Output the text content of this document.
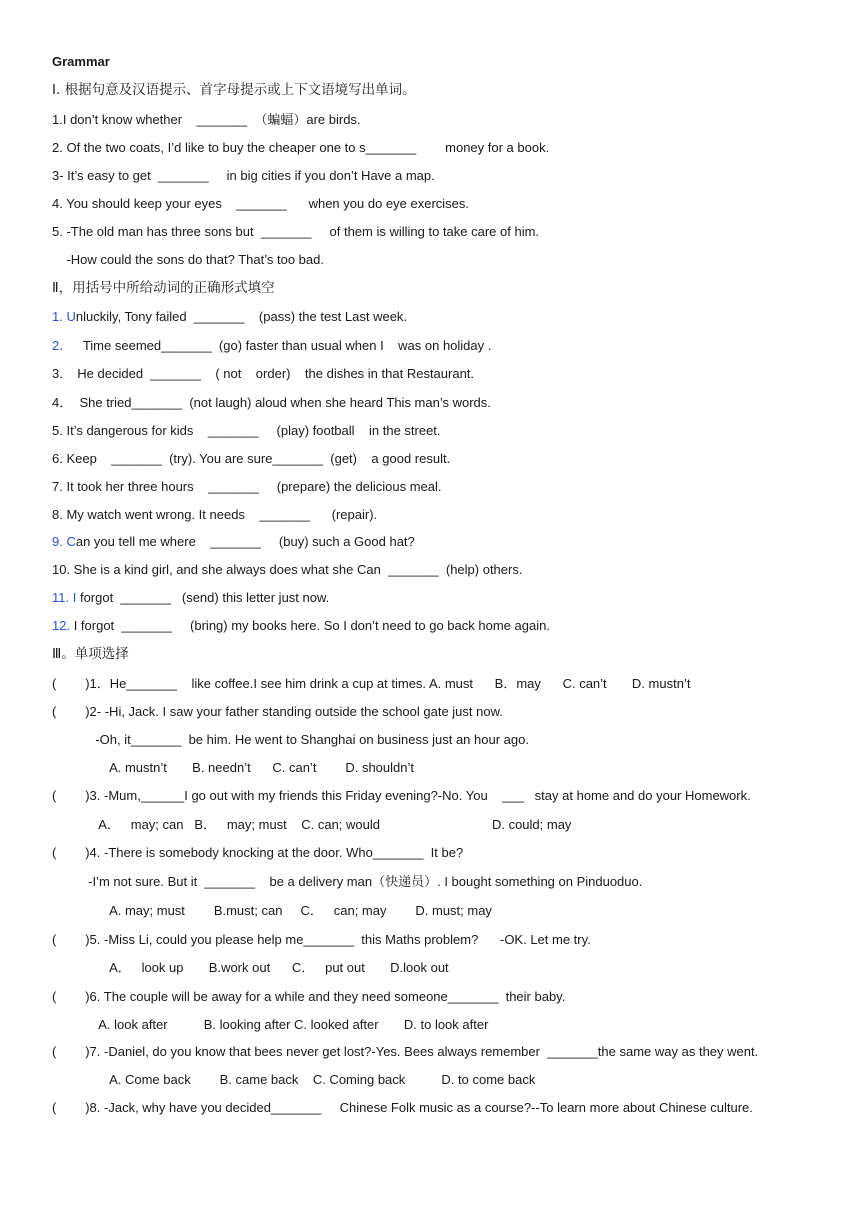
Grammar
I. 根据句意及汉语提示、首字母提示或上下文语境写出单词。
1.I don’t know whether    _______  （蝙蝠）are birds.
2. Of the two coats, I’d like to buy the cheaper one to s_______        money for a book.
3- It’s easy to get  _______     in big cities if you don’t Have a map.
4. You should keep your eyes    _______      when you do eye exercises.
5. -The old man has three sons but  _______     of them is willing to take care of him.
-How could the sons do that? That’s too bad.
Ⅱ，用括号中所给动词的正确形式填空
1. Unluckily, Tony failed  _______    (pass) the test Last week.
2．   Time seemed_______  (go) faster than usual when I    was on holiday .
3.    He decided  _______    ( not    order)    the dishes in that Restaurant.
4．  She tried_______  (not laugh) aloud when she heard This man’s words.
5. It’s dangerous for kids    _______     (play) football    in the street.
6. Keep    _______  (try). You are sure_______  (get)    a good result.
7. It took her three hours    _______     (prepare) the delicious meal.
8. My watch went wrong. It needs    _______      (repair).
9. Can you tell me where    _______     (buy) such a Good hat?
10. She is a kind girl, and she always does what she Can  _______  (help) others.
11. I forgot  _______   (send) this letter just now.
12. I forgot  _______     (bring) my books here. So I don’t need to go back home again.
Ⅲ。单项选择
(        )1．He_______    like coffee.I see him drink a cup at times. A. must      B．may      C. can’t       D. mustn’t
(        )2- -Hi, Jack. I saw your father standing outside the school gate just now.
-Oh, it_______  be him. He went to Shanghai on business just an hour ago.
A. mustn’t       B. needn’t      C. can’t        D. shouldn’t
(        )3. -Mum,______I go out with my friends this Friday evening?-No. You    ___   stay at home and do your Homework.
A．   may; can   B．   may; must    C. can; would                               D. could; may
(        )4. -There is somebody knocking at the door. Who_______  It be?
-I’m not sure. But it  _______    be a delivery man（快递员）. I bought something on Pinduoduo.
A. may; must        B.must; can     C．   can; may        D. must; may
(        )5. -Miss Li, could you please help me_______  this Maths problem?      -OK. Let me try.
A．   look up       B.work out      C．   put out       D.look out
(        )6. The couple will be away for a while and they need someone_______  their baby.
A. look after          B. looking after C. looked after       D. to look after
(        )7. -Daniel, do you know that bees never get lost?-Yes. Bees always remember  _______the same way as they went.
A. Come back        B. came back    C. Coming back          D. to come back
(        )8. -Jack, why have you decided_______     Chinese Folk music as a course?--To learn more about Chinese culture.
